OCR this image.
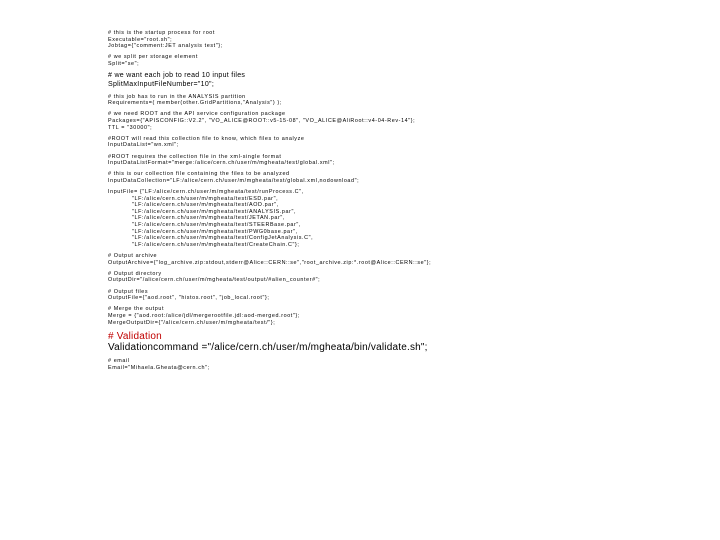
# this is the startup process for root
Executable="root.sh";
Jobtag={"comment:JET analysis test"};
# we split per storage element
Split="se";
# we want each job to read 10 input files
SplitMaxInputFileNumber="10";
# this job has to run in the ANALYSIS partition
Requirements=( member(other.GridPartitions,"Analysis") );
# we need ROOT and the API service configuration package
Packages={"APISCONFIG::V2.2", "VO_ALICE@ROOT::v5-15-08", "VO_ALICE@AliRoot::v4-04-Rev-14"};
TTL = "30000";
#ROOT will read this collection file to know, which files to analyze
InputDataList="wn.xml";
#ROOT requires the collection file in the xml-single format
InputDataListFormat="merge:/alice/cern.ch/user/m/mgheata/test/global.xml";
# this is our collection file containing the files to be analyzed
InputDataCollection="LF:/alice/cern.ch/user/m/mgheata/test/global.xml,nodownload";
InputFile= {"LF:/alice/cern.ch/user/m/mgheata/test/runProcess.C",
"LF:/alice/cern.ch/user/m/mgheata/test/ESD.par",
"LF:/alice/cern.ch/user/m/mgheata/test/AOD.par",
"LF:/alice/cern.ch/user/m/mgheata/test/ANALYSIS.par",
"LF:/alice/cern.ch/user/m/mgheata/test/JETAN.par",
"LF:/alice/cern.ch/user/m/mgheata/test/STEERBase.par",
"LF:/alice/cern.ch/user/m/mgheata/test/PWG0base.par",
"LF:/alice/cern.ch/user/m/mgheata/test/ConfigJetAnalysis.C",
"LF:/alice/cern.ch/user/m/mgheata/test/CreateChain.C"};
# Output archive
OutputArchive={"log_archive.zip:stdout,stderr@Alice::CERN::se","root_archive.zip:*.root@Alice::CERN::se"};
# Output directory
OutputDir="/alice/cern.ch/user/m/mgheata/test/output/#alien_counter#";
# Output files
OutputFile={"aod.root", "histos.root", "job_local.root"};
# Merge the output
Merge = {"aod.root:/alice/jdl/mergerootfile.jdl:aod-merged.root"};
MergeOutputDir={"/alice/cern.ch/user/m/mgheata/test/"};
# Validation
Validationcommand ="/alice/cern.ch/user/m/mgheata/bin/validate.sh";
# email
Email="Mihaela.Gheata@cern.ch";
